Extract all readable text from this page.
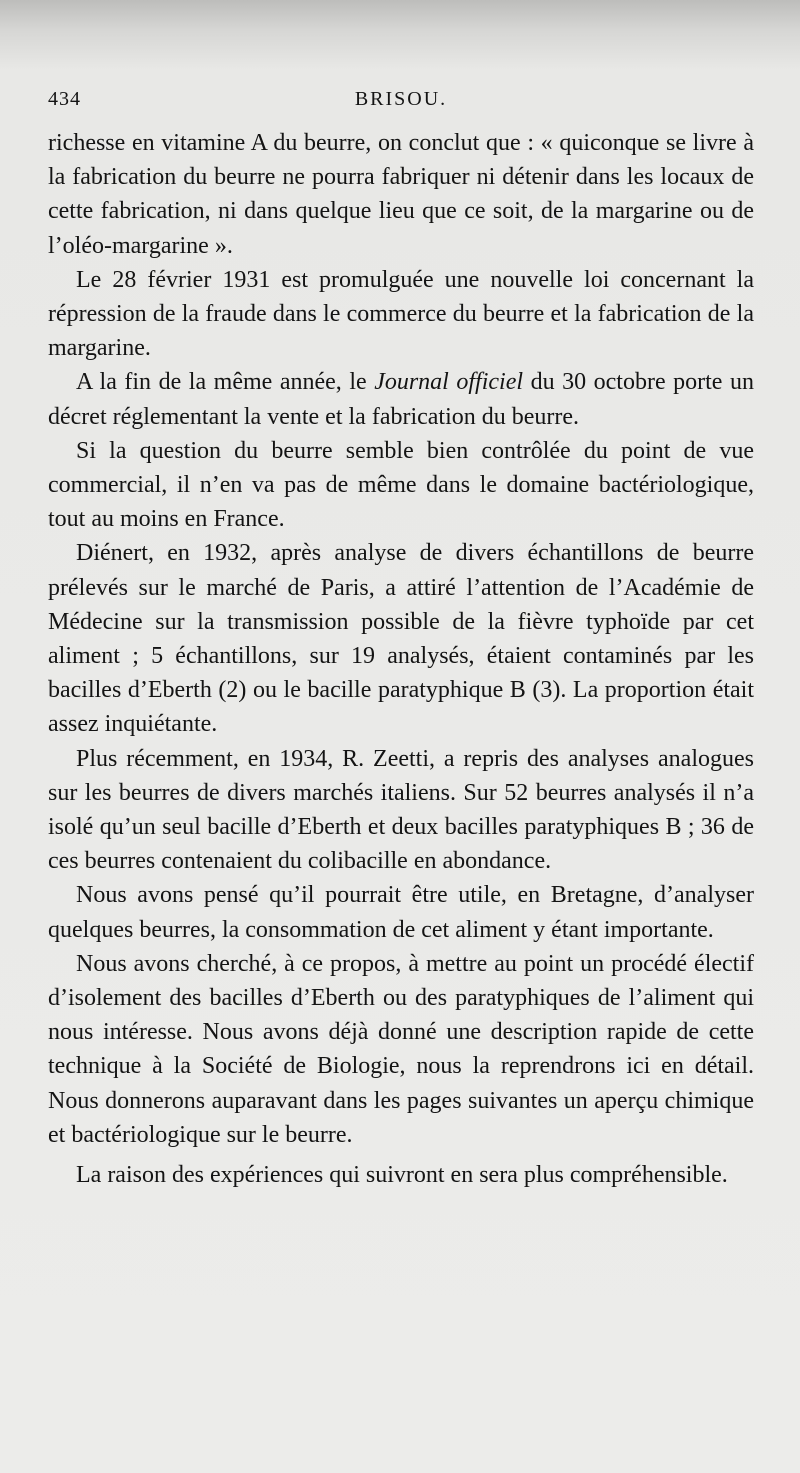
434	BRISOU.

richesse en vitamine A du beurre, on conclut que : « quiconque se livre à la fabrication du beurre ne pourra fabriquer ni détenir dans les locaux de cette fabrication, ni dans quelque lieu que ce soit, de la margarine ou de l’oléo-margarine ».

Le 28 février 1931 est promulguée une nouvelle loi concernant la répression de la fraude dans le commerce du beurre et la fabrication de la margarine.

A la fin de la même année, le Journal officiel du 30 octobre porte un décret réglementant la vente et la fabrication du beurre.

Si la question du beurre semble bien contrôlée du point de vue commercial, il n’en va pas de même dans le domaine bactériologique, tout au moins en France.

Diénert, en 1932, après analyse de divers échantillons de beurre prélevés sur le marché de Paris, a attiré l’attention de l’Académie de Médecine sur la transmission possible de la fièvre typhoïde par cet aliment ; 5 échantillons, sur 19 analysés, étaient contaminés par les bacilles d’Eberth (2) ou le bacille paratyphique B (3). La proportion était assez inquiétante.

Plus récemment, en 1934, R. Zeetti, a repris des analyses analogues sur les beurres de divers marchés italiens. Sur 52 beurres analysés il n’a isolé qu’un seul bacille d’Eberth et deux bacilles paratyphiques B ; 36 de ces beurres contenaient du colibacille en abondance.

Nous avons pensé qu’il pourrait être utile, en Bretagne, d’analyser quelques beurres, la consommation de cet aliment y étant importante.

Nous avons cherché, à ce propos, à mettre au point un procédé électif d’isolement des bacilles d’Eberth ou des paratyphiques de l’aliment qui nous intéresse. Nous avons déjà donné une description rapide de cette technique à la Société de Biologie, nous la reprendrons ici en détail. Nous donnerons auparavant dans les pages suivantes un aperçu chimique et bactériologique sur le beurre.

La raison des expériences qui suivront en sera plus compréhensible.
